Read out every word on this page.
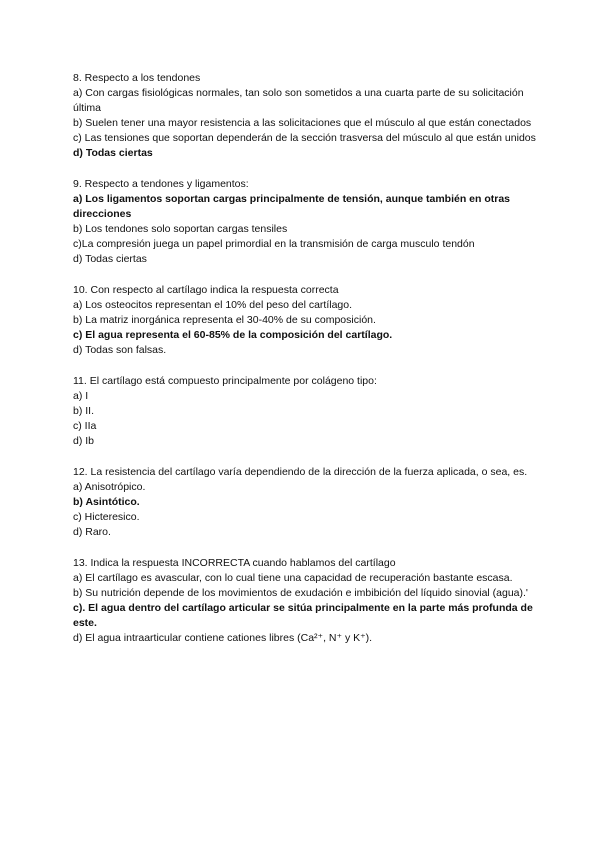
8. Respecto a los tendones
a) Con cargas fisiológicas normales, tan solo son sometidos a una cuarta parte de su solicitación última
b) Suelen tener una mayor resistencia a las solicitaciones que el músculo al que están conectados
c) Las tensiones que soportan dependerán de la sección trasversa del músculo al que están unidos
d) Todas ciertas
9. Respecto a tendones y ligamentos:
a) Los ligamentos soportan cargas principalmente de tensión, aunque también en otras direcciones
b) Los tendones solo soportan cargas tensiles
c)La compresión juega un papel primordial en la transmisión de carga musculo tendón
d) Todas ciertas
10. Con respecto al cartílago indica la respuesta correcta
a) Los osteocitos representan el 10% del peso del cartílago.
b) La matriz inorgánica representa el 30-40% de su composición.
c) El agua representa el 60-85% de la composición del cartílago.
d) Todas son falsas.
11. El cartílago está compuesto principalmente por colágeno tipo:
a) I
b) II.
c) IIa
d) Ib
12. La resistencia del cartílago varía dependiendo de la dirección de la fuerza aplicada, o sea, es.
a) Anisotrópico.
b) Asintótico.
c) Hicteresico.
d) Raro.
13. Indica la respuesta INCORRECTA cuando hablamos del cartílago
a) El cartílago es avascular, con lo cual tiene una capacidad de recuperación bastante escasa.
b) Su nutrición depende de los movimientos de exudación e imbibición del líquido sinovial (agua).'
c). El agua dentro del cartílago articular se sitúa principalmente en la parte más profunda de este.
d) El agua intraarticular contiene cationes libres (Ca²⁺, N⁺ y K⁺).
